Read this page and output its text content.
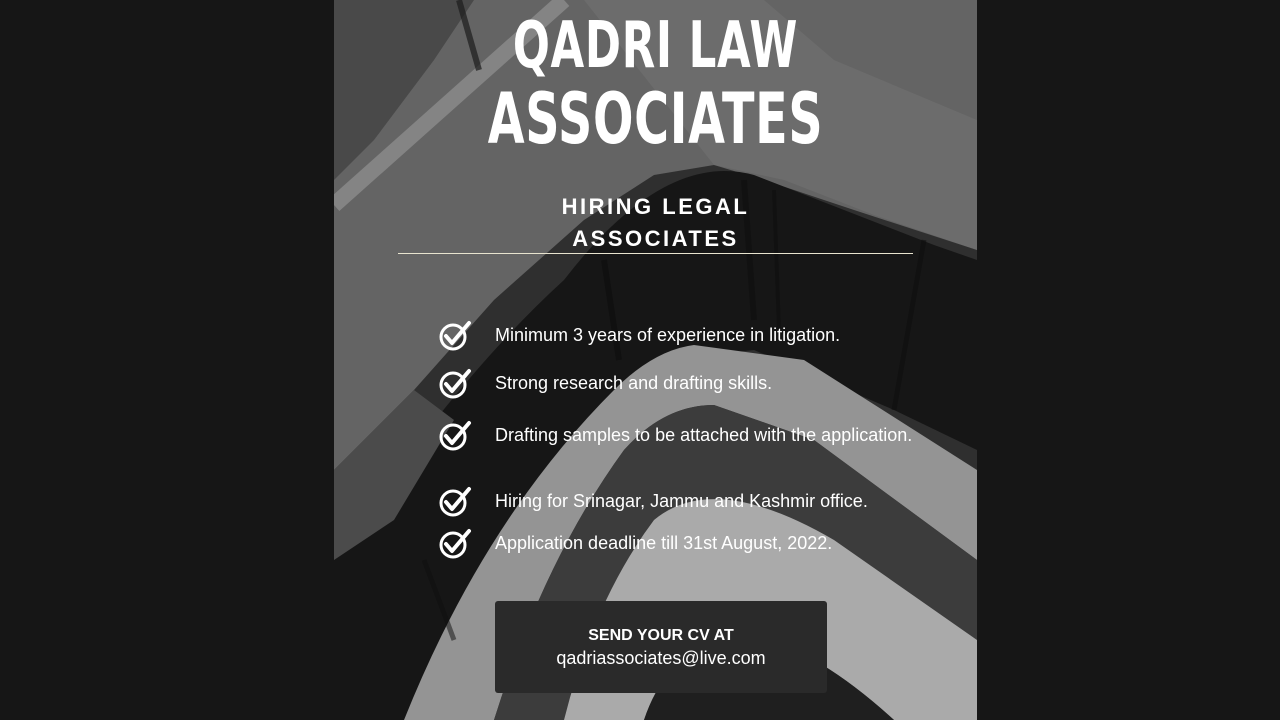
QADRI LAW
ASSOCIATES
HIRING LEGAL
ASSOCIATES
Minimum 3 years of experience in litigation.
Strong research and drafting skills.
Drafting samples to be attached with the application.
Hiring for Srinagar, Jammu and Kashmir office.
Application deadline till 31st August, 2022.
SEND YOUR CV AT
qadriassociates@live.com
